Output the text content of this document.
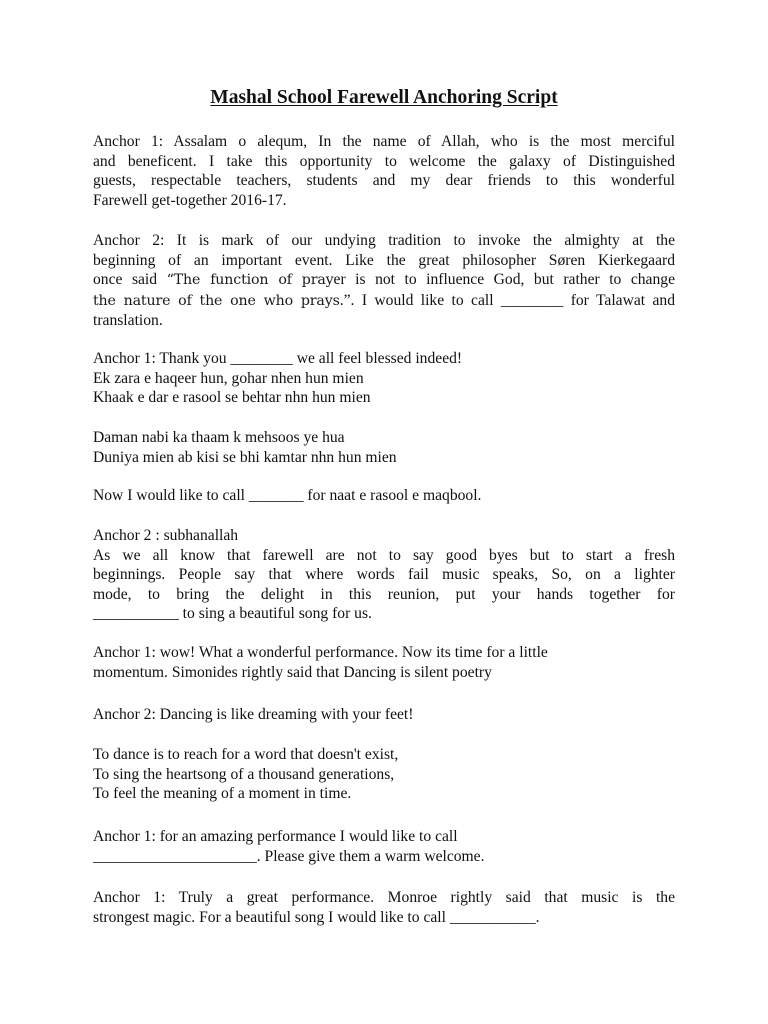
Mashal School Farewell Anchoring Script
Anchor 1: Assalam o alequm, In the name of Allah, who is the most merciful
and beneficent. I take this opportunity to welcome the galaxy of Distinguished
guests, respectable teachers, students and my dear friends to this wonderful
Farewell get-together 2016-17.
Anchor 2: It is mark of our undying tradition to invoke the almighty at the
beginning of an important event. Like the great philosopher Søren Kierkegaard
once said “The function of prayer is not to influence God, but rather to change
the nature of the one who prays.”. I would like to call ________ for Talawat and
translation.
Anchor 1: Thank you ________ we all feel blessed indeed!
Ek zara e haqeer hun, gohar nhen hun mien
Khaak e dar e rasool se behtar nhn hun mien
Daman nabi ka thaam k mehsoos ye hua
Duniya mien ab kisi se bhi kamtar nhn hun mien
Now I would like to call _______ for naat e rasool e maqbool.
Anchor 2 : subhanallah
As we all know that farewell are not to say good byes but to start a fresh
beginnings. People say that where words fail music speaks, So, on a lighter
mode, to bring the delight in this reunion, put your hands together for
___________ to sing a beautiful song for us.
Anchor 1: wow! What a wonderful performance. Now its time for a little
momentum. Simonides rightly said that Dancing is silent poetry
Anchor 2: Dancing is like dreaming with your feet!
To dance is to reach for a word that doesn't exist,
To sing the heartsong of a thousand generations,
To feel the meaning of a moment in time.
Anchor 1: for an amazing performance I would like to call
_____________________. Please give them a warm welcome.
Anchor 1: Truly a great performance. Monroe rightly said that music is the
strongest magic. For a beautiful song I would like to call ___________.
